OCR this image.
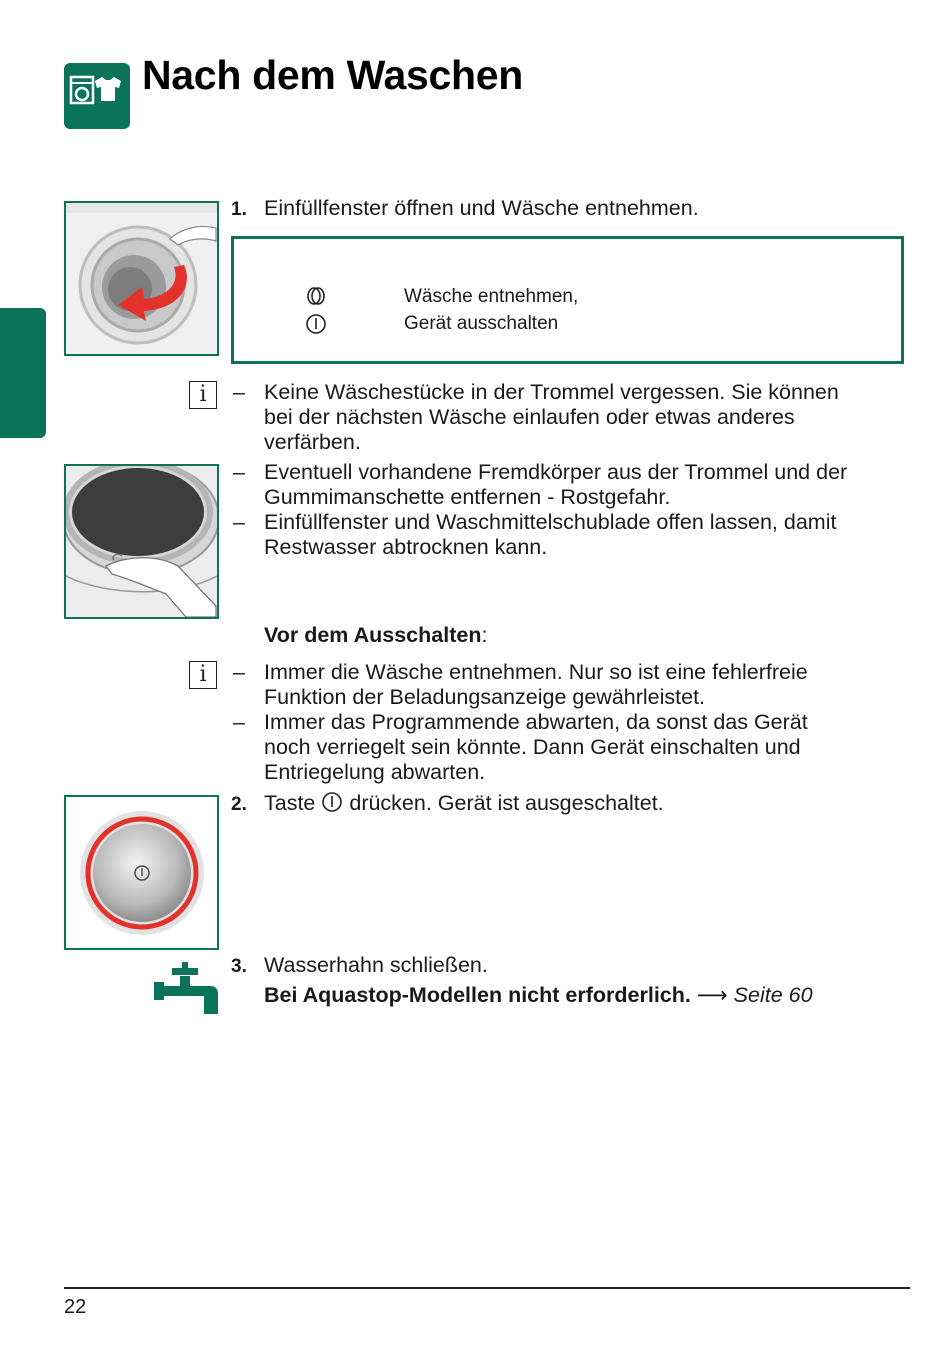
Nach dem Waschen
1. Einfüllfenster öffnen und Wäsche entnehmen.
Wäsche entnehmen,
Gerät ausschalten
i	– Keine Wäschestücke in der Trommel vergessen. Sie können
bei der nächsten Wäsche einlaufen oder etwas anderes
verfärben.
– Eventuell vorhandene Fremdkörper aus der Trommel und der
Gummimanschette entfernen - Rostgefahr.
– Einfüllfenster und Waschmittelschublade offen lassen, damit
Restwasser abtrocknen kann.
Vor dem Ausschalten:
i	– Immer die Wäsche entnehmen. Nur so ist eine fehlerfreie
Funktion der Beladungsanzeige gewährleistet.
– Immer das Programmende abwarten, da sonst das Gerät
noch verriegelt sein könnte. Dann Gerät einschalten und
Entriegelung abwarten.
2. Taste drücken. Gerät ist ausgeschaltet.
3. Wasserhahn schließen.
Bei Aquastop-Modellen nicht erforderlich. ⟶ Seite 60
22
